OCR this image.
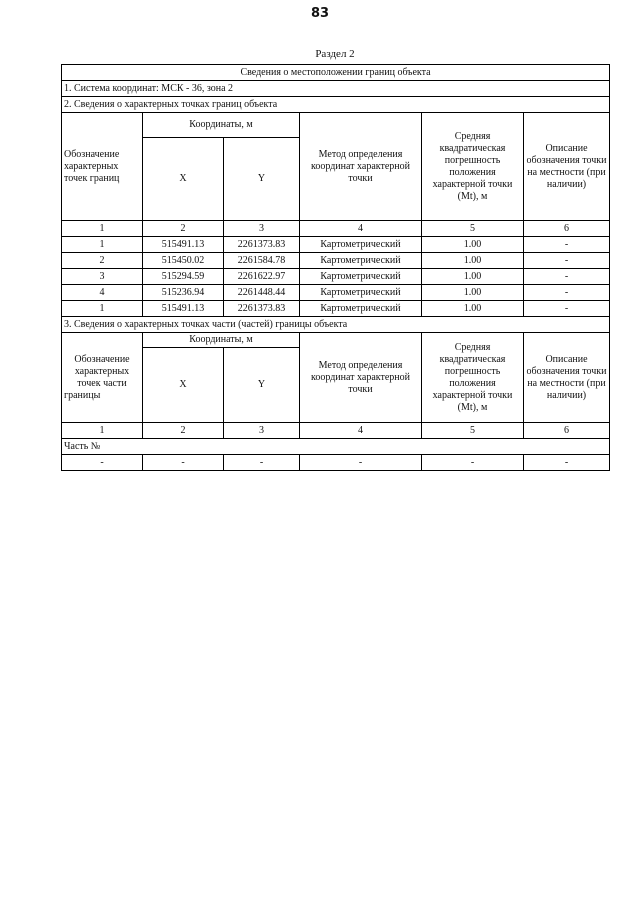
83
Раздел 2
Сведения о местоположении границ объекта					
1. Система координат: МСК - 36, зона 2					
2. Сведения о характерных точках границ объекта					
Обозначение характерных точек границ	Координаты, м		Метод определения координат характерной точки	Средняя квадратическая погрешность положения характерной точки (Mt), м	Описание обозначения точки на местности (при наличии)
	X	Y			
1	2	3	4	5	6
1	515491.13	2261373.83	Картометрический	1.00	-
2	515450.02	2261584.78	Картометрический	1.00	-
3	515294.59	2261622.97	Картометрический	1.00	-
4	515236.94	2261448.44	Картометрический	1.00	-
1	515491.13	2261373.83	Картометрический	1.00	-
3. Сведения о характерных точках части (частей) границы объекта					
Обозначение характерных точек части границы	Координаты, м		Метод определения координат характерной точки	Средняя квадратическая погрешность положения характерной точки (Mt), м	Описание обозначения точки на местности (при наличии)
	X	Y			
1	2	3	4	5	6
Часть №					
-	-	-	-	-	-
